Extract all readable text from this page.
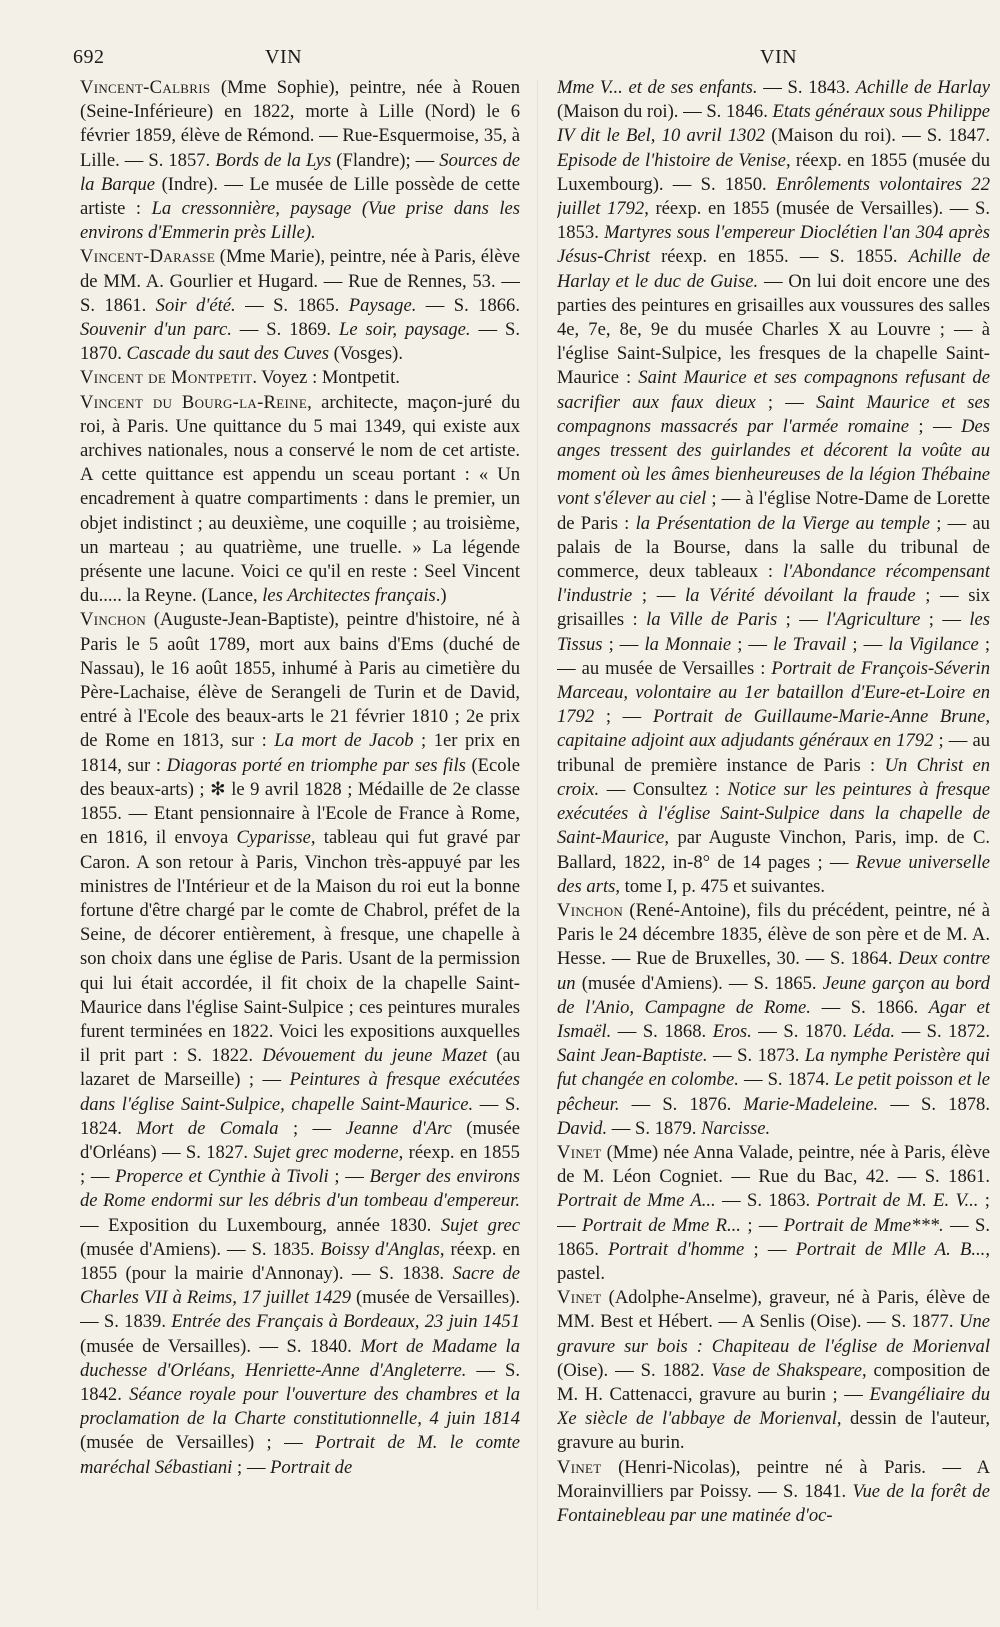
692	VIN	VIN

Vincent-Calbris (Mme Sophie), peintre, née à Rouen (Seine-Inférieure) en 1822, morte à Lille (Nord) le 6 février 1859, élève de Rémond. — Rue-Esquermoise, 35, à Lille. — S. 1857. Bords de la Lys (Flandre); — Sources de la Barque (Indre). — Le musée de Lille possède de cette artiste : La cressonnière, paysage (Vue prise dans les environs d'Emmerin près Lille).

Vincent-Darasse (Mme Marie), peintre, née à Paris, élève de MM. A. Gourlier et Hugard. — Rue de Rennes, 53. — S. 1861. Soir d'été. — S. 1865. Paysage. — S. 1866. Souvenir d'un parc. — S. 1869. Le soir, paysage. — S. 1870. Cascade du saut des Cuves (Vosges).

Vincent de Montpetit. Voyez : Montpetit.

Vincent du Bourg-la-Reine, architecte, maçon-juré du roi, à Paris. Une quittance du 5 mai 1349, qui existe aux archives nationales, nous a conservé le nom de cet artiste. A cette quittance est appendu un sceau portant : « Un encadrement à quatre compartiments : dans le premier, un objet indistinct ; au deuxième, une coquille ; au troisième, un marteau ; au quatrième, une truelle. » La légende présente une lacune. Voici ce qu'il en reste : Seel Vincent du..... la Reyne. (Lance, les Architectes français.)

Vinchon (Auguste-Jean-Baptiste), peintre d'histoire, né à Paris le 5 août 1789, mort aux bains d'Ems (duché de Nassau), le 16 août 1855, inhumé à Paris au cimetière du Père-Lachaise, élève de Serangeli de Turin et de David, entré à l'Ecole des beaux-arts le 21 février 1810 ; 2e prix de Rome en 1813, sur : La mort de Jacob ; 1er prix en 1814, sur : Diagoras porté en triomphe par ses fils (Ecole des beaux-arts) ; ✻ le 9 avril 1828 ; Médaille de 2e classe 1855. — Etant pensionnaire à l'Ecole de France à Rome, en 1816, il envoya Cyparisse, tableau qui fut gravé par Caron. A son retour à Paris, Vinchon très-appuyé par les ministres de l'Intérieur et de la Maison du roi eut la bonne fortune d'être chargé par le comte de Chabrol, préfet de la Seine, de décorer entièrement, à fresque, une chapelle à son choix dans une église de Paris. Usant de la permission qui lui était accordée, il fit choix de la chapelle Saint-Maurice dans l'église Saint-Sulpice ; ces peintures murales furent terminées en 1822. Voici les expositions auxquelles il prit part : S. 1822. Dévouement du jeune Mazet (au lazaret de Marseille) ; — Peintures à fresque exécutées dans l'église Saint-Sulpice, chapelle Saint-Maurice. — S. 1824. Mort de Comala ; — Jeanne d'Arc (musée d'Orléans) — S. 1827. Sujet grec moderne, réexp. en 1855 ; — Properce et Cynthie à Tivoli ; — Berger des environs de Rome endormi sur les débris d'un tombeau d'empereur. — Exposition du Luxembourg, année 1830. Sujet grec (musée d'Amiens). — S. 1835. Boissy d'Anglas, réexp. en 1855 (pour la mairie d'Annonay). — S. 1838. Sacre de Charles VII à Reims, 17 juillet 1429 (musée de Versailles). — S. 1839. Entrée des Français à Bordeaux, 23 juin 1451 (musée de Versailles). — S. 1840. Mort de Madame la duchesse d'Orléans, Henriette-Anne d'Angleterre. — S. 1842. Séance royale pour l'ouverture des chambres et la proclamation de la Charte constitutionnelle, 4 juin 1814 (musée de Versailles) ; — Portrait de M. le comte maréchal Sébastiani ; — Portrait de

Mme V... et de ses enfants. — S. 1843. Achille de Harlay (Maison du roi). — S. 1846. Etats généraux sous Philippe IV dit le Bel, 10 avril 1302 (Maison du roi). — S. 1847. Episode de l'histoire de Venise, réexp. en 1855 (musée du Luxembourg). — S. 1850. Enrôlements volontaires 22 juillet 1792, réexp. en 1855 (musée de Versailles). — S. 1853. Martyres sous l'empereur Dioclétien l'an 304 après Jésus-Christ réexp. en 1855. — S. 1855. Achille de Harlay et le duc de Guise. — On lui doit encore une des parties des peintures en grisailles aux voussures des salles 4e, 7e, 8e, 9e du musée Charles X au Louvre ; — à l'église Saint-Sulpice, les fresques de la chapelle Saint-Maurice : Saint Maurice et ses compagnons refusant de sacrifier aux faux dieux ; — Saint Maurice et ses compagnons massacrés par l'armée romaine ; — Des anges tressent des guirlandes et décorent la voûte au moment où les âmes bienheureuses de la légion Thébaine vont s'élever au ciel ; — à l'église Notre-Dame de Lorette de Paris : la Présentation de la Vierge au temple ; — au palais de la Bourse, dans la salle du tribunal de commerce, deux tableaux : l'Abondance récompensant l'industrie ; — la Vérité dévoilant la fraude ; — six grisailles : la Ville de Paris ; — l'Agriculture ; — les Tissus ; — la Monnaie ; — le Travail ; — la Vigilance ; — au musée de Versailles : Portrait de François-Séverin Marceau, volontaire au 1er bataillon d'Eure-et-Loire en 1792 ; — Portrait de Guillaume-Marie-Anne Brune, capitaine adjoint aux adjudants généraux en 1792 ; — au tribunal de première instance de Paris : Un Christ en croix. — Consultez : Notice sur les peintures à fresque exécutées à l'église Saint-Sulpice dans la chapelle de Saint-Maurice, par Auguste Vinchon, Paris, imp. de C. Ballard, 1822, in-8° de 14 pages ; — Revue universelle des arts, tome I, p. 475 et suivantes.

Vinchon (René-Antoine), fils du précédent, peintre, né à Paris le 24 décembre 1835, élève de son père et de M. A. Hesse. — Rue de Bruxelles, 30. — S. 1864. Deux contre un (musée d'Amiens). — S. 1865. Jeune garçon au bord de l'Anio, Campagne de Rome. — S. 1866. Agar et Ismaël. — S. 1868. Eros. — S. 1870. Léda. — S. 1872. Saint Jean-Baptiste. — S. 1873. La nymphe Peristère qui fut changée en colombe. — S. 1874. Le petit poisson et le pêcheur. — S. 1876. Marie-Madeleine. — S. 1878. David. — S. 1879. Narcisse.

Vinet (Mme) née Anna Valade, peintre, née à Paris, élève de M. Léon Cogniet. — Rue du Bac, 42. — S. 1861. Portrait de Mme A... — S. 1863. Portrait de M. E. V... ; — Portrait de Mme R... ; — Portrait de Mme***. — S. 1865. Portrait d'homme ; — Portrait de Mlle A. B..., pastel.

Vinet (Adolphe-Anselme), graveur, né à Paris, élève de MM. Best et Hébert. — A Senlis (Oise). — S. 1877. Une gravure sur bois : Chapiteau de l'église de Morienval (Oise). — S. 1882. Vase de Shakspeare, composition de M. H. Cattenacci, gravure au burin ; — Evangéliaire du Xe siècle de l'abbaye de Morienval, dessin de l'auteur, gravure au burin.

Vinet (Henri-Nicolas), peintre né à Paris. — A Morainvilliers par Poissy. — S. 1841. Vue de la forêt de Fontainebleau par une matinée d'oc-
